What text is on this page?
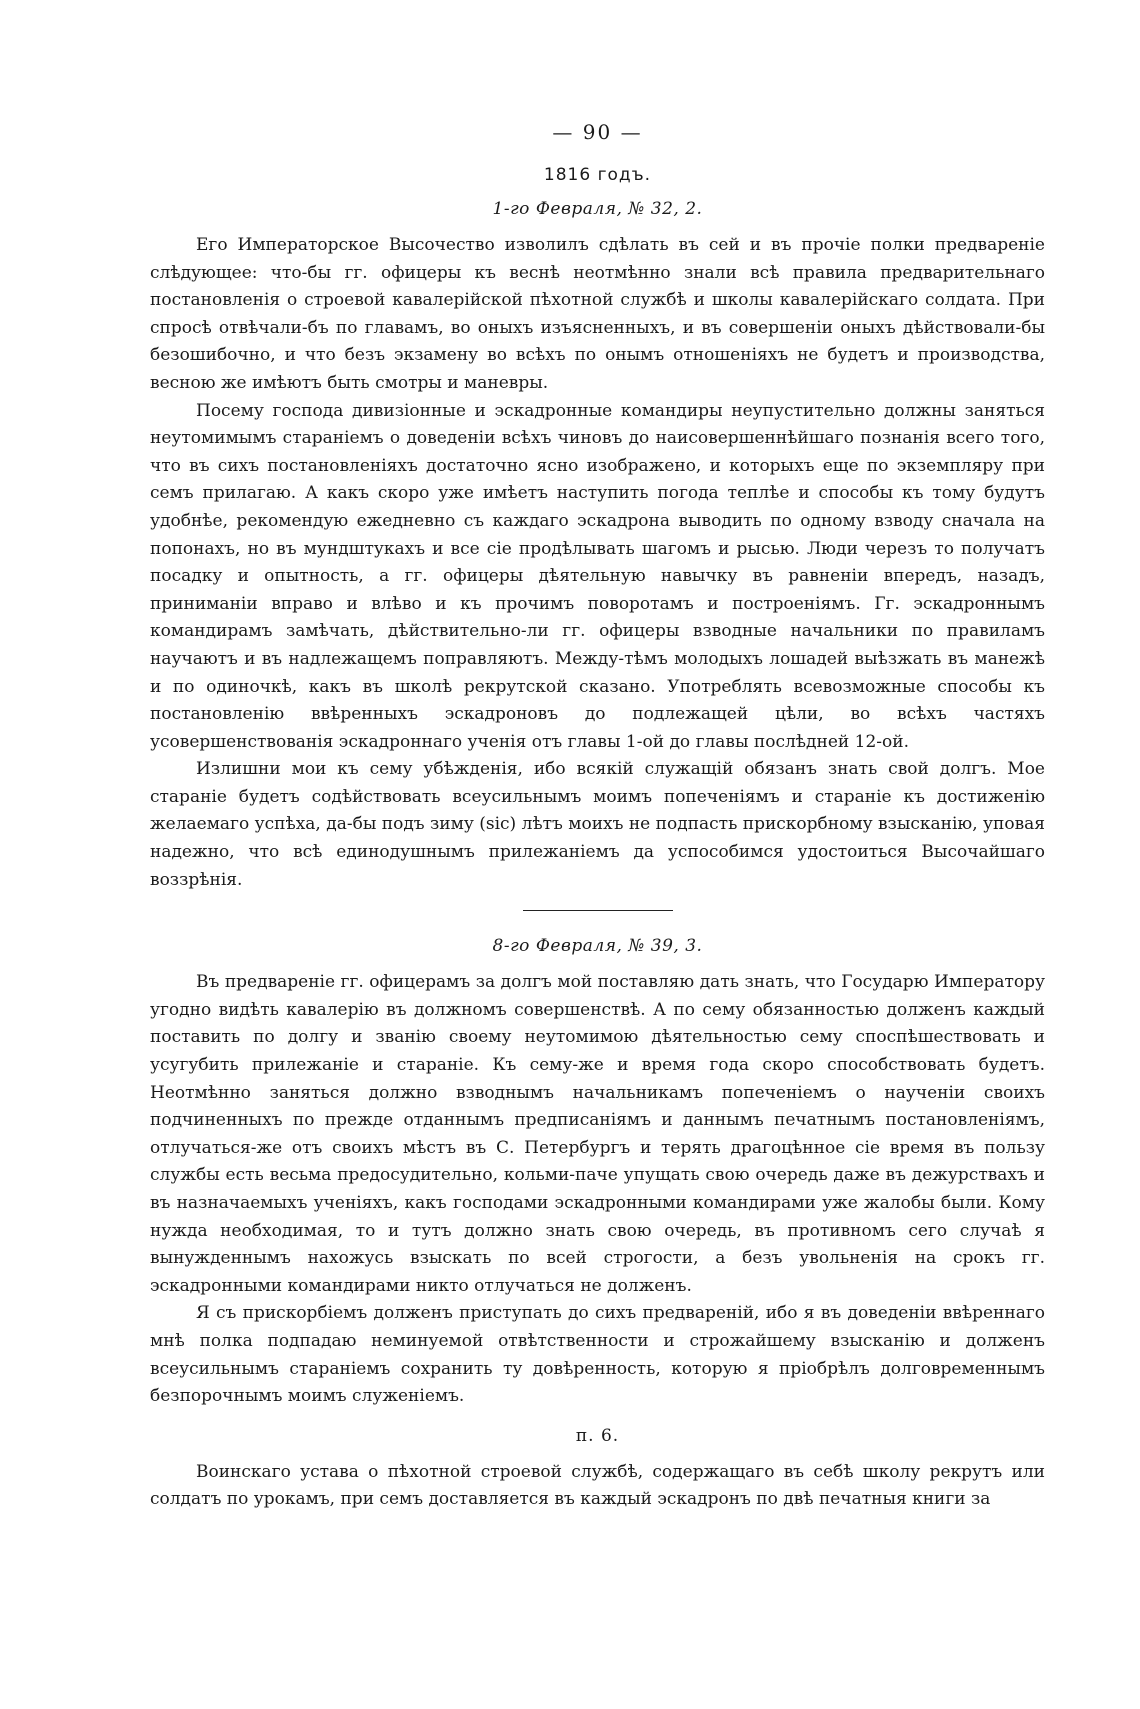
— 90 —
1816 годъ.
1-го Февраля, № 32, 2.

Его Императорское Высочество изволилъ сдѣлать въ сей и въ прочіе полки предвареніе слѣдующее: что-бы гг. офицеры къ веснѣ неотмѣнно знали всѣ правила предварительнаго постановленія о строевой кавалерійской пѣхотной службѣ и школы кавалерійскаго солдата. При спросѣ отвѣчали-бъ по главамъ, во оныхъ изъясненныхъ, и въ совершеніи оныхъ дѣйствовали-бы безошибочно, и что безъ экзамену во всѣхъ по онымъ отношеніяхъ не будетъ и производства, весною же имѣютъ быть смотры и маневры.

Посему господа дивизіонные и эскадронные командиры неупустительно должны заняться неутомимымъ стараніемъ о доведеніи всѣхъ чиновъ до наисовершеннѣйшаго познанія всего того, что въ сихъ постановленіяхъ достаточно ясно изображено, и которыхъ еще по экземпляру при семъ прилагаю. А какъ скоро уже имѣетъ наступить погода теплѣе и способы къ тому будутъ удобнѣе, рекомендую ежедневно съ каждаго эскадрона выводить по одному взводу сначала на попонахъ, но въ мундштукахъ и все сіе продѣлывать шагомъ и рысью. Люди черезъ то получатъ посадку и опытность, а гг. офицеры дѣятельную навычку въ равненіи впередъ, назадъ, приниманіи вправо и влѣво и къ прочимъ поворотамъ и построеніямъ. Гг. эскадроннымъ командирамъ замѣчать, дѣйствительно-ли гг. офицеры взводные начальники по правиламъ научаютъ и въ надлежащемъ поправляютъ. Между-тѣмъ молодыхъ лошадей выѣзжать въ манежѣ и по одиночкѣ, какъ въ школѣ рекрутской сказано. Употреблять всевозможные способы къ постановленію ввѣренныхъ эскадроновъ до подлежащей цѣли, во всѣхъ частяхъ усовершенствованія эскадроннаго ученія отъ главы 1-ой до главы послѣдней 12-ой.

Излишни мои къ сему убѣжденія, ибо всякій служащій обязанъ знать свой долгъ. Мое стараніе будетъ содѣйствовать всеусильнымъ моимъ попеченіямъ и стараніе къ достиженію желаемаго успѣха, да-бы подъ зиму (sic) лѣтъ моихъ не подпасть прискорбному взысканію, уповая надежно, что всѣ единодушнымъ прилежаніемъ да успособимся удостоиться Высочайшаго воззрѣнія.

8-го Февраля, № 39, 3.

Въ предвареніе гг. офицерамъ за долгъ мой поставляю дать знать, что Государю Императору угодно видѣть кавалерію въ должномъ совершенствѣ. А по сему обязанностью долженъ каждый поставить по долгу и званію своему неутомимою дѣятельностью сему споспѣшествовать и усугубить прилежаніе и стараніе. Къ сему-же и время года скоро способствовать будетъ. Неотмѣнно заняться должно взводнымъ начальникамъ попеченіемъ о наученіи своихъ подчиненныхъ по прежде отданнымъ предписаніямъ и даннымъ печатнымъ постановленіямъ, отлучаться-же отъ своихъ мѣстъ въ С. Петербургъ и терять драгоцѣнное сіе время въ пользу службы есть весьма предосудительно, кольми-паче упущать свою очередь даже въ дежурствахъ и въ назначаемыхъ ученіяхъ, какъ господами эскадронными командирами уже жалобы были. Кому нужда необходимая, то и тутъ должно знать свою очередь, въ противномъ сего случаѣ я вынужденнымъ нахожусь взыскать по всей строгости, а безъ увольненія на срокъ гг. эскадронными командирами никто отлучаться не долженъ.

Я съ прискорбіемъ долженъ приступать до сихъ предвареній, ибо я въ доведеніи ввѣреннаго мнѣ полка подпадаю неминуемой отвѣтственности и строжайшему взысканію и долженъ всеусильнымъ стараніемъ сохранить ту довѣренность, которую я пріобрѣлъ долговременнымъ безпорочнымъ моимъ служеніемъ.

п. 6.

Воинскаго устава о пѣхотной строевой службѣ, содержащаго въ себѣ школу рекрутъ или солдатъ по урокамъ, при семъ доставляется въ каждый эскадронъ по двѣ печатныя книги за
